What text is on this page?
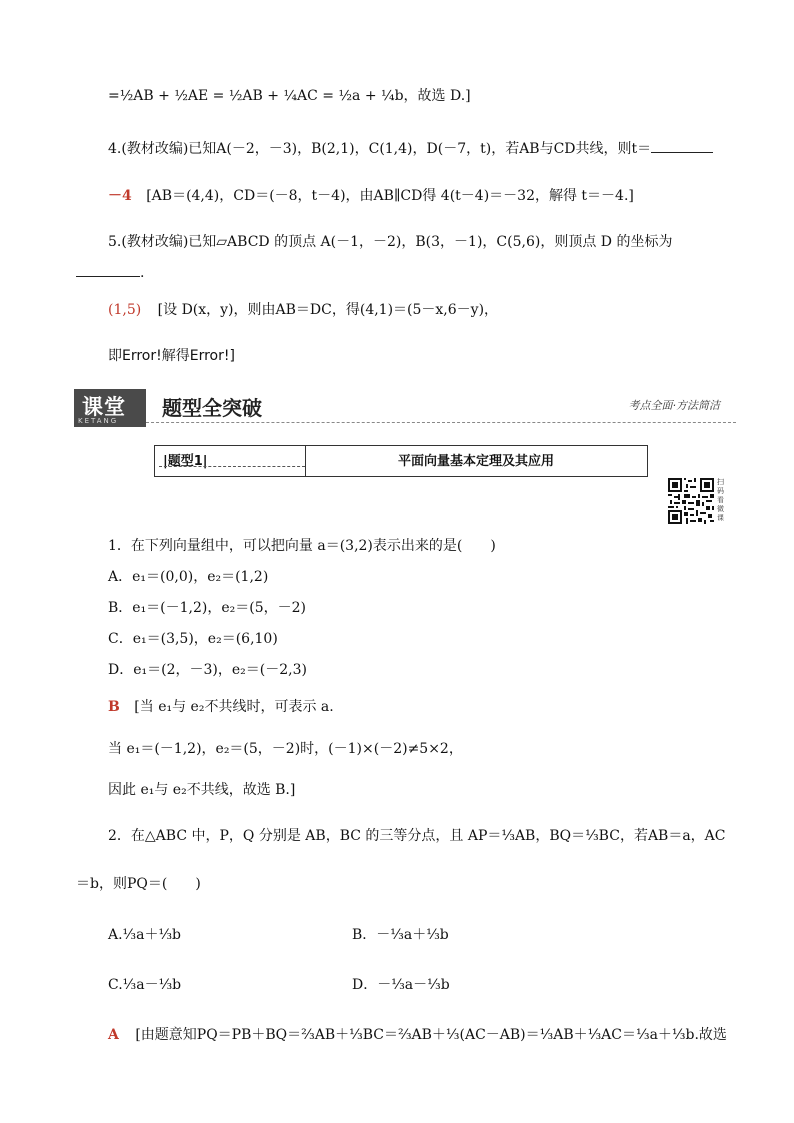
=½AB + ½AE = ½AB + ¼AC = ½a + ¼b，故选 D.]
4.(教材改编)已知A(－2，－3)，B(2,1)，C(1,4)，D(－7，t)，若AB与CD共线，则t＝
－4 [AB＝(4,4)，CD＝(－8，t－4)，由AB∥CD得 4(t－4)＝－32，解得 t＝－4.]
5.(教材改编)已知▱ABCD 的顶点 A(－1，－2)，B(3，－1)，C(5,6)，则顶点 D 的坐标为
.
(1,5) [设 D(x，y)，则由AB＝DC，得(4,1)＝(5－x,6－y)，
即Error!解得Error!]
课堂
KETANG
题型全突破	考点全面·方法简洁
|题型1|	平面向量基本定理及其应用
扫码看微课
1．在下列向量组中，可以把向量 a＝(3,2)表示出来的是(　　)
A．e₁＝(0,0)，e₂＝(1,2)
B．e₁＝(－1,2)，e₂＝(5，－2)
C．e₁＝(3,5)，e₂＝(6,10)
D．e₁＝(2，－3)，e₂＝(－2,3)
B [当 e₁与 e₂不共线时，可表示 a.
当 e₁＝(－1,2)，e₂＝(5，－2)时，(－1)×(－2)≠5×2，
因此 e₁与 e₂不共线，故选 B.]
2．在△ABC 中，P，Q 分别是 AB，BC 的三等分点，且 AP＝⅓AB，BQ＝⅓BC，若AB＝a，AC
＝b，则PQ＝(　　)
A.⅓a＋⅓b	B．－⅓a＋⅓b
C.⅓a－⅓b	D．－⅓a－⅓b
A [由题意知PQ＝PB＋BQ＝⅔AB＋⅓BC＝⅔AB＋⅓(AC－AB)＝⅓AB＋⅓AC＝⅓a＋⅓b.故选
